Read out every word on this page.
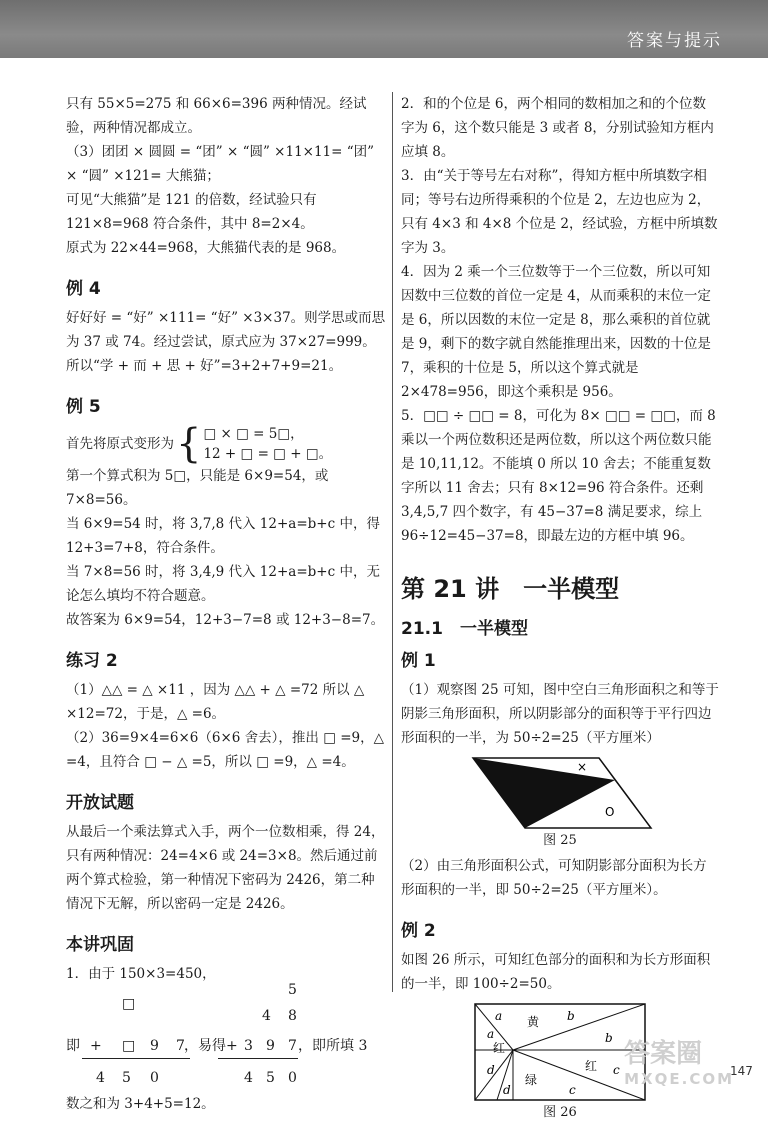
答案与提示

只有 55×5=275 和 66×6=396 两种情况。经试验，两种情况都成立。

（3）团团 × 圆圆 = “团” × “圆” ×11×11= “团” × “圆” ×121= 大熊猫；

可见“大熊猫”是 121 的倍数，经试验只有 121×8=968 符合条件，其中 8=2×4。

原式为 22×44=968，大熊猫代表的是 968。

例 4

好好好 = “好” ×111= “好” ×3×37。则学思或而思为 37 或 74。经过尝试，原式应为 37×27=999。

所以“学 + 而 + 思 + 好”=3+2+7+9=21。

例 5
首先将原式变形为 { □ × □ = 5□，

12 + □ = □ + □。

第一个算式积为 5□，只能是 6×9=54，或 7×8=56。

当 6×9=54 时，将 3,7,8 代入 12+a=b+c 中，得 12+3=7+8，符合条件。

当 7×8=56 时，将 3,4,9 代入 12+a=b+c 中，无论怎么填均不符合题意。

故答案为 6×9=54，12+3−7=8 或 12+3−8=7。

练习 2

（1）△△ = △ ×11 ，因为 △△ + △ =72 所以 △ ×12=72，于是，△ =6。

（2）36=9×4=6×6（6×6 舍去），推出 □ =9，△ =4，且符合 □ − △ =5，所以 □ =9，△ =4。

开放试题

从最后一个乘法算式入手，两个一位数相乘，得 24，只有两种情况：24=4×6 或 24=3×8。然后通过前两个算式检验，第一种情况下密码为 2426，第二种情况下无解，所以密码一定是 2426。

本讲巩固

1．由于 150×3=450，

□
即 + □ 9 7 ，易得
4 5 0
5
4 8
+ 3 9 7 ，即所填 3
4 5 0

数之和为 3+4+5=12。

2．和的个位是 6，两个相同的数相加之和的个位数字为 6，这个数只能是 3 或者 8，分别试验知方框内应填 8。

3．由“关于等号左右对称”，得知方框中所填数字相同；等号右边所得乘积的个位是 2，左边也应为 2，只有 4×3 和 4×8 个位是 2，经试验，方框中所填数字为 3。

4．因为 2 乘一个三位数等于一个三位数，所以可知因数中三位数的首位一定是 4，从而乘积的末位一定是 6，所以因数的末位一定是 8，那么乘积的首位就是 9，剩下的数字就自然能推理出来，因数的十位是 7，乘积的十位是 5，所以这个算式就是 2×478=956，即这个乘积是 956。

5．□□ ÷ □□ = 8，可化为 8× □□ = □□，而 8 乘以一个两位数积还是两位数，所以这个两位数只能是 10,11,12。不能填 0 所以 10 舍去；不能重复数字所以 11 舍去；只有 8×12=96 符合条件。还剩 3,4,5,7 四个数字，有 45−37=8 满足要求，综上 96÷12=45−37=8，即最左边的方框中填 96。

第 21 讲　一半模型
21.1　一半模型
例 1

（1）观察图 25 可知，图中空白三角形面积之和等于阴影三角形面积，所以阴影部分的面积等于平行四边形面积的一半，为 50÷2=25（平方厘米）

×
O
图 25

（2）由三角形面积公式，可知阴影部分面积为长方形面积的一半，即 50÷2=25（平方厘米）。

例 2

如图 26 所示，可知红色部分的面积和为长方形面积的一半，即 100÷2=50。

a
a
b
b
c
c
d
d
黄
红
红
绿
图 26
答案圈
MXQE.COM
147
